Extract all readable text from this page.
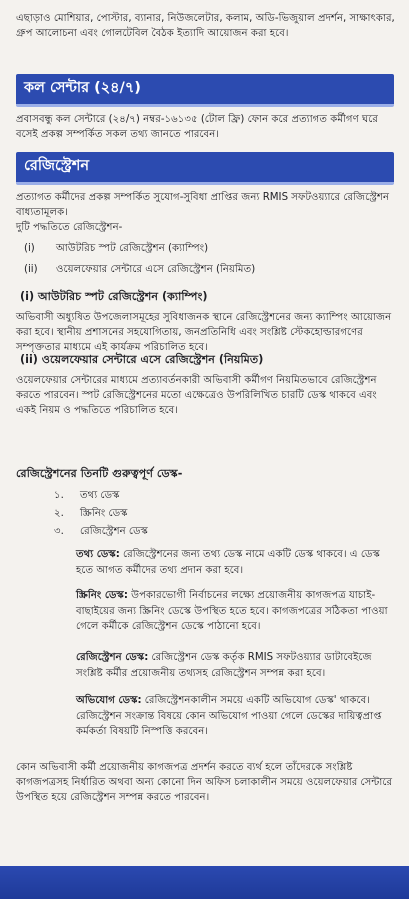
এছাড়াও মোশিয়ার, পোস্টার, ব্যানার, নিউজলেটার, কলাম, অডি-ভিজুয়াল প্রদর্শন, সাক্ষাৎকার, গ্রুপ আলোচনা এবং গোলটেবিল বৈঠক ইত্যাদি আয়োজন করা হবে।

কল সেন্টার (২৪/৭)

প্রবাসবন্ধু কল সেন্টারে (২৪/৭) নম্বর-১৬১৩৫ (টোল ফ্রি) ফোন করে প্রত্যাগত কর্মীগণ ঘরে বসেই প্রকল্প সম্পর্কিত সকল তথ্য জানতে পারবেন।

রেজিস্ট্রেশন

প্রত্যাগত কর্মীদের প্রকল্প সম্পর্কিত সুযোগ-সুবিধা প্রাপ্তির জন্য RMIS সফটওয়্যারে রেজিস্ট্রেশন বাধ্যতামূলক।

দুটি পদ্ধতিতে রেজিস্ট্রেশন-

(i) আউটরিচ স্পট রেজিস্ট্রেশন (ক্যাম্পিং)
(ii) ওয়েলফেয়ার সেন্টারে এসে রেজিস্ট্রেশন (নিয়মিত)
(i) আউটরিচ স্পট রেজিস্ট্রেশন (ক্যাম্পিং)

অভিবাসী অধ্যুষিত উপজেলাসমূহের সুবিধাজনক স্থানে রেজিস্ট্রেশনের জন্য ক্যাম্পিং আয়োজন করা হবে। স্থানীয় প্রশাসনের সহযোগিতায়, জনপ্রতিনিধি এবং সংশ্লিষ্ট স্টেকহোল্ডারগণের সম্পৃক্ততার মাধ্যমে এই কার্যক্রম পরিচালিত হবে।

(ii) ওয়েলফেয়ার সেন্টারে এসে রেজিস্ট্রেশন (নিয়মিত)

ওয়েলফেয়ার সেন্টারের মাধ্যমে প্রত্যাবর্তনকারী অভিবাসী কর্মীগণ নিয়মিতভাবে রেজিস্ট্রেশন করতে পারবেন। স্পট রেজিস্ট্রেশনের মতো এক্ষেত্রেও উপরিলিখিত চারটি ডেস্ক থাকবে এবং একই নিয়ম ও পদ্ধতিতে পরিচালিত হবে।

রেজিস্ট্রেশনের তিনটি গুরুত্বপূর্ণ ডেস্ক-
১. তথ্য ডেস্ক
২. স্ক্রিনিং ডেস্ক
৩. রেজিস্ট্রেশন ডেস্ক

তথ্য ডেস্ক: রেজিস্ট্রেশনের জন্য তথ্য ডেস্ক নামে একটি ডেস্ক থাকবে। এ ডেস্ক হতে আগত কর্মীদের তথ্য প্রদান করা হবে।

স্ক্রিনিং ডেস্ক: উপকারভোগী নির্বাচনের লক্ষ্যে প্রয়োজনীয় কাগজপত্র যাচাই-বাছাইয়ের জন্য স্ক্রিনিং ডেস্কে উপস্থিত হতে হবে। কাগজপত্রের সঠিকতা পাওয়া গেলে কর্মীকে রেজিস্ট্রেশন ডেস্কে পাঠানো হবে।

রেজিস্ট্রেশন ডেস্ক: রেজিস্ট্রেশন ডেস্ক কর্তৃক RMIS সফটওয়্যার ডাটাবেইজে সংশ্লিষ্ট কর্মীর প্রয়োজনীয় তথ্যসহ রেজিস্ট্রেশন সম্পন্ন করা হবে।

অভিযোগ ডেস্ক: রেজিস্ট্রেশনকালীন সময়ে একটি অভিযোগ ডেস্ক' থাকবে। রেজিস্ট্রেশন সংক্রান্ত বিষয়ে কোন অভিযোগ পাওয়া গেলে ডেস্কের দায়িত্বপ্রাপ্ত কর্মকর্তা বিষয়টি নিস্পত্তি করবেন।

কোন অভিবাসী কর্মী প্রয়োজনীয় কাগজপত্র প্রদর্শন করতে ব্যর্থ হলে তাঁদেরকে সংশ্লিষ্ট কাগজপত্রসহ নির্ধারিত অথবা অন্য কোনো দিন অফিস চলাকালীন সময়ে ওয়েলফেয়ার সেন্টারে উপস্থিত হয়ে রেজিস্ট্রেশন সম্পন্ন করতে পারবেন।
